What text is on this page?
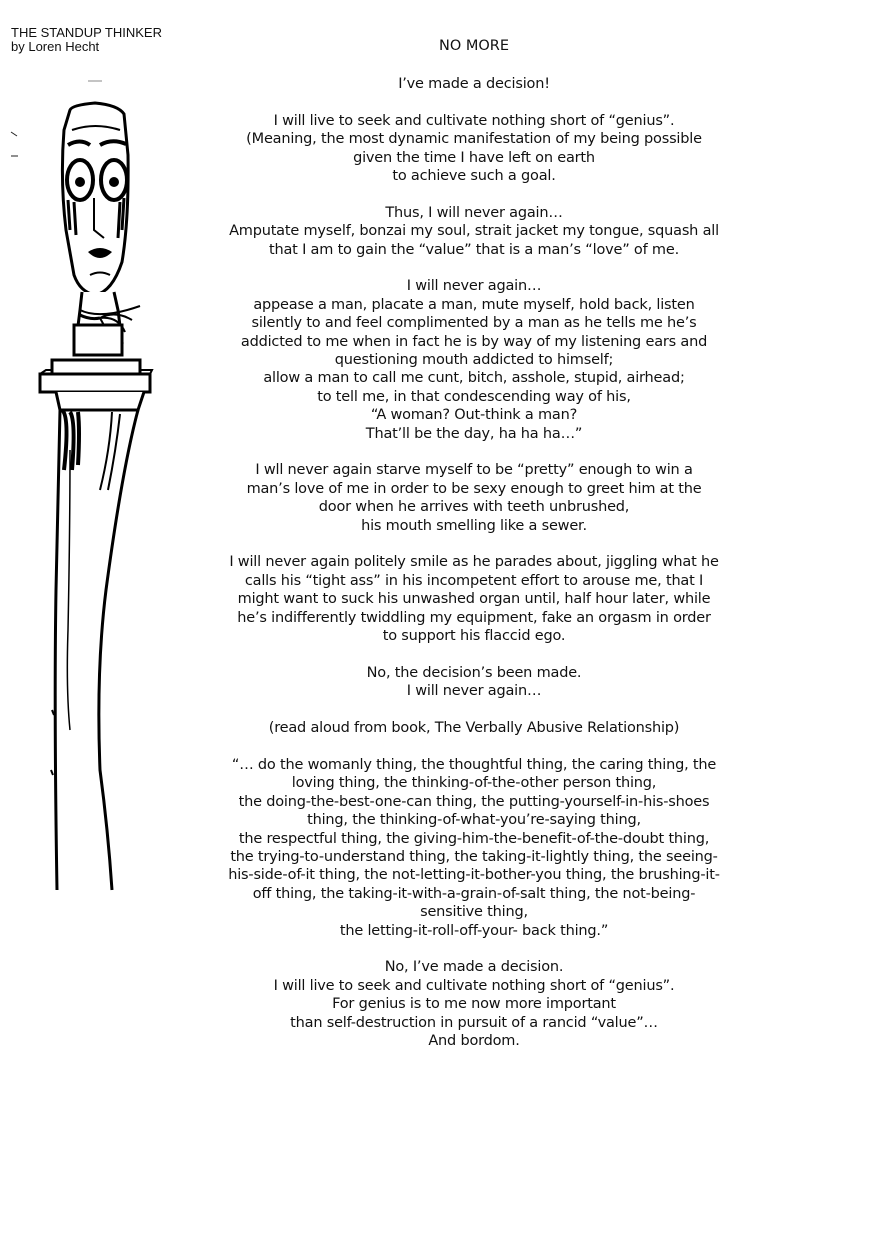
THE STANDUP THINKER
by Loren Hecht	NO MORE
I’ve made a decision!
I will live to seek and cultivate nothing short of “genius”.
(Meaning, the most dynamic manifestation of my being possible
given the time I have left on earth
to achieve such a goal.
Thus, I will never again…
Amputate myself, bonzai my soul, strait jacket my tongue, squash all
that I am to gain the “value” that is a man’s “love” of me.
I will never again…
appease a man, placate a man, mute myself, hold back, listen
silently to and feel complimented by a man as he tells me he’s
addicted to me when in fact he is by way of my listening ears and
questioning mouth addicted to himself;
allow a man to call me cunt, bitch, asshole, stupid, airhead;
to tell me, in that condescending way of his,
“A woman? Out-think a man?
That’ll be the day, ha ha ha…”
I wll never again starve myself to be “pretty” enough to win a
man’s love of me in order to be sexy enough to greet him at the
door when he arrives with teeth unbrushed,
his mouth smelling like a sewer.
I will never again politely smile as he parades about, jiggling what he
calls his “tight ass” in his incompetent effort to arouse me, that I
might want to suck his unwashed organ until, half hour later, while
he’s indifferently twiddling my equipment, fake an orgasm in order
to support his flaccid ego.
No, the decision’s been made.
I will never again…
(read aloud from book, The Verbally Abusive Relationship)
“… do the womanly thing, the thoughtful thing, the caring thing, the
loving thing, the thinking-of-the-other person thing,
the doing-the-best-one-can thing, the putting-yourself-in-his-shoes
thing, the thinking-of-what-you’re-saying thing,
the respectful thing, the giving-him-the-benefit-of-the-doubt thing,
the trying-to-understand thing, the taking-it-lightly thing, the seeing-
his-side-of-it thing, the not-letting-it-bother-you thing, the brushing-it-
off thing, the taking-it-with-a-grain-of-salt thing, the not-being-
sensitive thing,
the letting-it-roll-off-your- back thing.”
No, I’ve made a decision.
I will live to seek and cultivate nothing short of “genius”.
For genius is to me now more important
than self-destruction in pursuit of a rancid “value”…
And bordom.
